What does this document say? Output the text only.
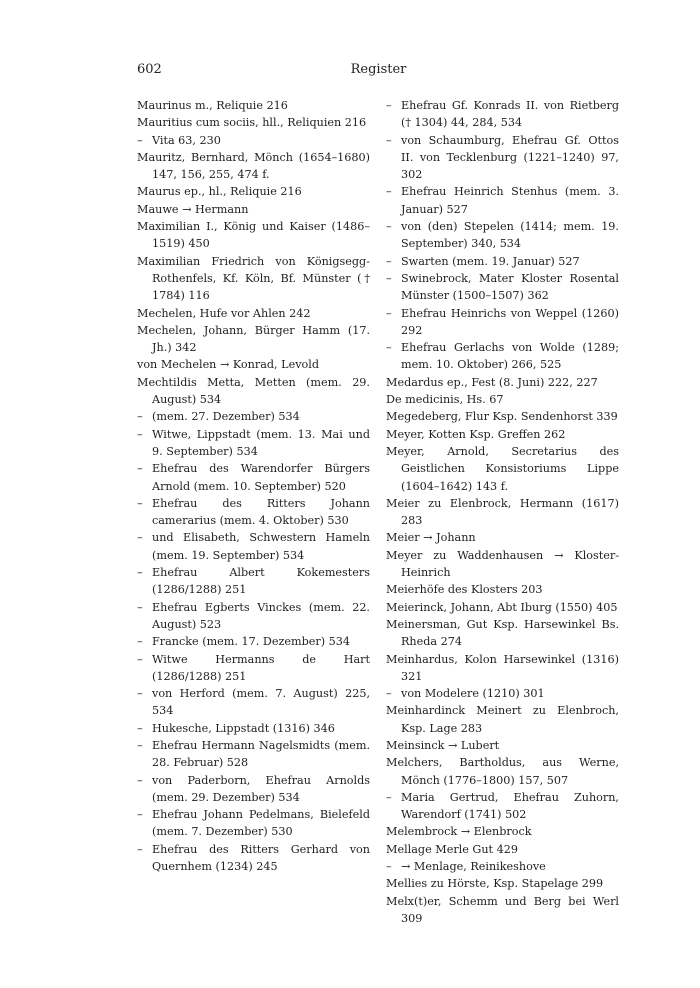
602	Register

Maurinus m., Reliquie 216

Mauritius cum sociis, hll., Reliquien 216

– Vita 63, 230

Mauritz, Bernhard, Mönch (1654–1680) 147, 156, 255, 474 f.

Maurus ep., hl., Reliquie 216

Mauwe → Hermann

Maximilian I., König und Kaiser (1486–1519) 450

Maximilian Friedrich von Königsegg-Rothenfels, Kf. Köln, Bf. Münster († 1784) 116

Mechelen, Hufe vor Ahlen 242

Mechelen, Johann, Bürger Hamm (17. Jh.) 342

von Mechelen → Konrad, Levold

Mechtildis Metta, Metten (mem. 29. August) 534

– (mem. 27. Dezember) 534

– Witwe, Lippstadt (mem. 13. Mai und 9. September) 534

– Ehefrau des Warendorfer Bürgers Arnold (mem. 10. September) 520

– Ehefrau des Ritters Johann camerarius (mem. 4. Oktober) 530

– und Elisabeth, Schwestern Hameln (mem. 19. September) 534

– Ehefrau Albert Kokemesters (1286/1288) 251

– Ehefrau Egberts Vinckes (mem. 22. August) 523

– Francke (mem. 17. Dezember) 534

– Witwe Hermanns de Hart (1286/1288) 251

– von Herford (mem. 7. August) 225, 534

– Hukesche, Lippstadt (1316) 346

– Ehefrau Hermann Nagelsmidts (mem. 28. Februar) 528

– von Paderborn, Ehefrau Arnolds (mem. 29. Dezember) 534

– Ehefrau Johann Pedelmans, Bielefeld (mem. 7. Dezember) 530

– Ehefrau des Ritters Gerhard von Quernhem (1234) 245

– Ehefrau Gf. Konrads II. von Rietberg († 1304) 44, 284, 534

– von Schaumburg, Ehefrau Gf. Ottos II. von Tecklenburg (1221–1240) 97, 302

– Ehefrau Heinrich Stenhus (mem. 3. Januar) 527

– von (den) Stepelen (1414; mem. 19. September) 340, 534

– Swarten (mem. 19. Januar) 527

– Swinebrock, Mater Kloster Rosental Münster (1500–1507) 362

– Ehefrau Heinrichs von Weppel (1260) 292

– Ehefrau Gerlachs von Wolde (1289; mem. 10. Oktober) 266, 525

Medardus ep., Fest (8. Juni) 222, 227

De medicinis, Hs. 67

Megedeberg, Flur Ksp. Sendenhorst 339

Meyer, Kotten Ksp. Greffen 262

Meyer, Arnold, Secretarius des Geistlichen Konsistoriums Lippe (1604–1642) 143 f.

Meier zu Elenbrock, Hermann (1617) 283

Meier → Johann

Meyer zu Waddenhausen → Kloster-Heinrich

Meierhöfe des Klosters 203

Meierinck, Johann, Abt Iburg (1550) 405

Meinersman, Gut Ksp. Harsewinkel Bs. Rheda 274

Meinhardus, Kolon Harsewinkel (1316) 321

– von Modelere (1210) 301

Meinhardinck Meinert zu Elenbroch, Ksp. Lage 283

Meinsinck → Lubert

Melchers, Bartholdus, aus Werne, Mönch (1776–1800) 157, 507

– Maria Gertrud, Ehefrau Zuhorn, Warendorf (1741) 502

Melembrock → Elenbrock

Mellage Merle Gut 429

– → Menlage, Reinikeshove

Mellies zu Hörste, Ksp. Stapelage 299

Melx(t)er, Schemm und Berg bei Werl 309
